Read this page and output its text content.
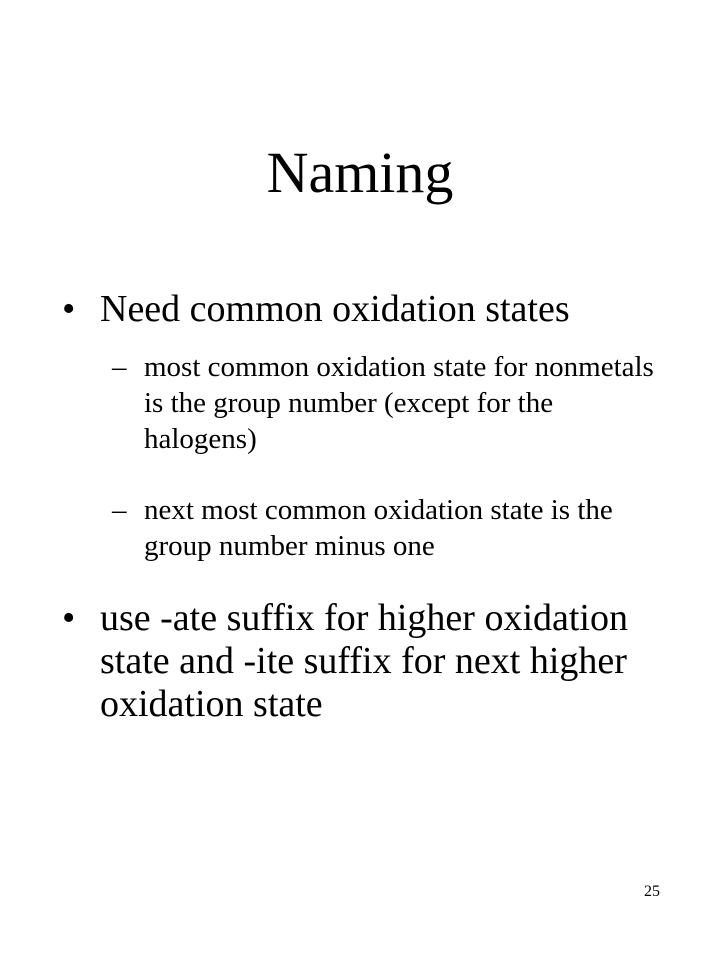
Naming
• Need common oxidation states
– most common oxidation state for nonmetals is the group number (except for the halogens)
– next most common oxidation state is the group number minus one
• use -ate suffix for higher oxidation state and -ite suffix for next higher oxidation state
25
